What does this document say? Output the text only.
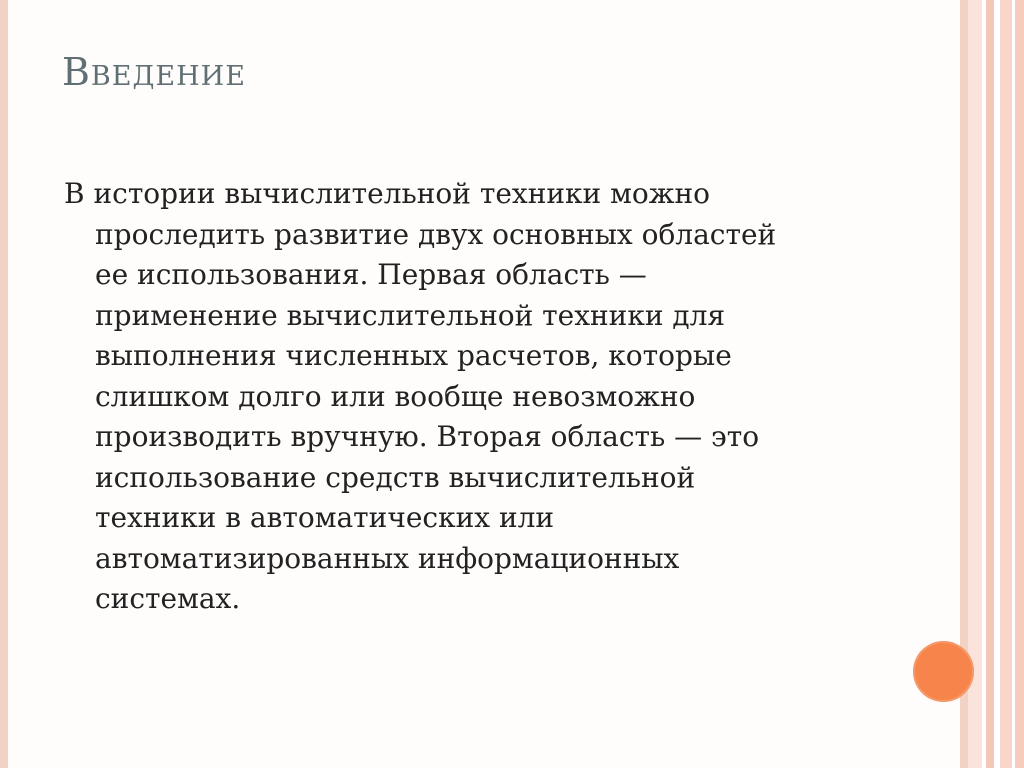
Введение
В истории вычислительной техники можно
проследить развитие двух основных областей
ее использования. Первая область —
применение вычислительной техники для
выполнения численных расчетов, которые
слишком долго или вообще невозможно
производить вручную. Вторая область — это
использование средств вычислительной
техники в автоматических или
автоматизированных информационных
системах.
